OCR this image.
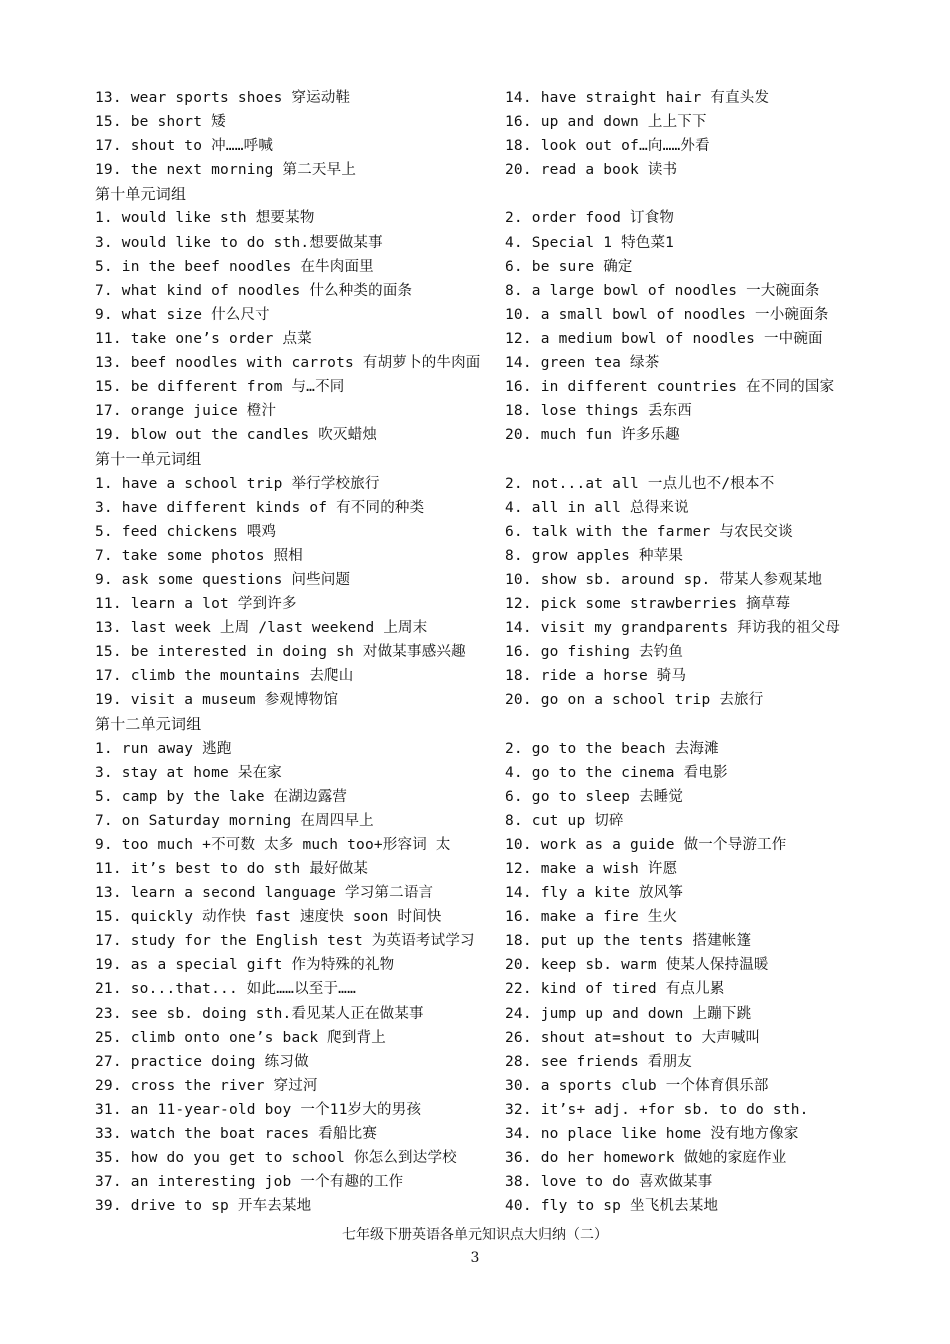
13. wear sports shoes 穿运动鞋	14. have straight hair 有直头发
15. be short 矮	16. up and down 上上下下
17. shout to 冲……呼喊	18. look out of…向……外看
19. the next morning 第二天早上	20. read a book 读书
第十单元词组
1. would like sth 想要某物	2. order food 订食物
3. would like to do sth.想要做某事	4. Special 1 特色菜1
5. in the beef noodles 在牛肉面里	6. be sure 确定
7. what kind of noodles 什么种类的面条	8. a large bowl of noodles 一大碗面条
9. what size 什么尺寸	10. a small bowl of noodles 一小碗面条
11. take one’s order 点菜	12. a medium bowl of noodles 一中碗面
13. beef noodles with carrots 有胡萝卜的牛肉面 14. green tea 绿茶
15. be different from 与…不同	16. in different countries 在不同的国家
17. orange juice 橙汁	18. lose things 丢东西
19. blow out the candles 吹灭蜡烛	20. much fun 许多乐趣
第十一单元词组
1. have a school trip 举行学校旅行	2. not...at all 一点儿也不/根本不
3. have different kinds of 有不同的种类	4. all in all 总得来说
5. feed chickens 喂鸡	6. talk with the farmer 与农民交谈
7. take some photos 照相	8. grow apples 种苹果
9. ask some questions 问些问题	10. show sb. around sp. 带某人参观某地
11. learn a lot 学到许多	12. pick some strawberries 摘草莓
13. last week 上周 /last weekend 上周末	14. visit my grandparents 拜访我的祖父母
15. be interested in doing sh 对做某事感兴趣	16. go fishing 去钓鱼
17. climb the mountains 去爬山	18. ride a horse 骑马
19. visit a museum 参观博物馆	20. go on a school trip 去旅行
第十二单元词组
1. run away 逃跑	2. go to the beach 去海滩
3. stay at home 呆在家	4. go to the cinema 看电影
5. camp by the lake 在湖边露营	6. go to sleep 去睡觉
7. on Saturday morning 在周四早上	8. cut up 切碎
9. too much +不可数 太多 much too+形容词 太	10. work as a guide 做一个导游工作
11. it’s best to do sth 最好做某	12. make a wish 许愿
13. learn a second language 学习第二语言	14. fly a kite 放风筝
15. quickly 动作快 fast 速度快 soon 时间快	16. make a fire 生火
17. study for the English test 为英语考试学习 18. put up the tents 搭建帐篷
19. as a special gift 作为特殊的礼物	20. keep sb. warm 使某人保持温暖
21. so...that... 如此……以至于……	22. kind of tired 有点儿累
23. see sb. doing sth.看见某人正在做某事	24. jump up and down 上蹦下跳
25. climb onto one’s back 爬到背上	26. shout at=shout to 大声喊叫
27. practice doing 练习做	28. see friends 看朋友
29. cross the river 穿过河	30. a sports club 一个体育俱乐部
31. an 11-year-old boy 一个11岁大的男孩	32. it’s+ adj. +for sb. to do sth.
33. watch the boat races 看船比赛	34. no place like home 没有地方像家
35. how do you get to school 你怎么到达学校	36. do her homework 做她的家庭作业
37. an interesting job 一个有趣的工作	38. love to do 喜欢做某事
39. drive to sp 开车去某地	40. fly to sp 坐飞机去某地
七年级下册英语各单元知识点大归纳（二）
3
